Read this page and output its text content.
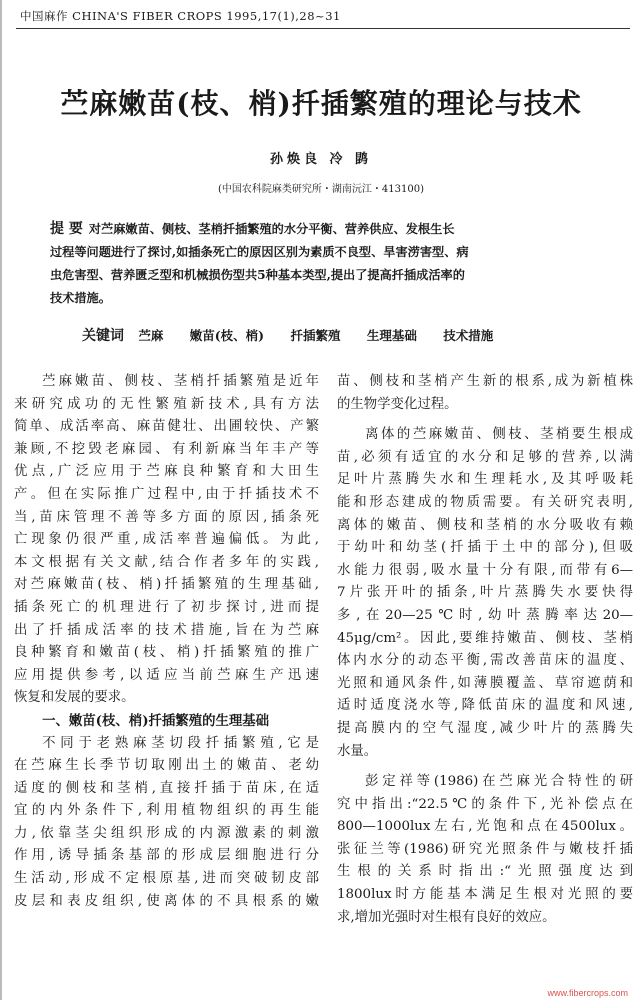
中国麻作 CHINA'S FIBER CROPS 1995,17(1),28~31
苎麻嫩苗(枝、梢)扦插繁殖的理论与技术
孙焕良 冷 鹍
(中国农科院麻类研究所・湖南沅江・413100)
提 要 对苎麻嫩苗、侧枝、茎梢扦插繁殖的水分平衡、营养供应、发根生长
过程等问题进行了探讨,如插条死亡的原因区别为素质不良型、旱害涝害型、病
虫危害型、营养匮乏型和机械损伤型共5种基本类型,提出了提高扦插成活率的
技术措施。
关键词 苎麻 嫩苗(枝、梢) 扦插繁殖 生理基础 技术措施
苎麻嫩苗、侧枝、茎梢扦插繁殖是近年
来研究成功的无性繁殖新技术,具有方法
简单、成活率高、麻苗健壮、出圃较快、产繁
兼顾,不挖毁老麻园、有利新麻当年丰产等
优点,广泛应用于苎麻良种繁育和大田生
产。但在实际推广过程中,由于扦插技术不
当,苗床管理不善等多方面的原因,插条死
亡现象仍很严重,成活率普遍偏低。为此,
本文根据有关文献,结合作者多年的实践,
对苎麻嫩苗(枝、梢)扦插繁殖的生理基础,
插条死亡的机理进行了初步探讨,进而提
出了扦插成活率的技术措施,旨在为苎麻
良种繁育和嫩苗(枝、梢)扦插繁殖的推广
应用提供参考,以适应当前苎麻生产迅速
恢复和发展的要求。
一、嫩苗(枝、梢)扦插繁殖的生理基础
不同于老熟麻茎切段扦插繁殖,它是
在苎麻生长季节切取刚出土的嫩苗、老幼
适度的侧枝和茎梢,直接扦插于苗床,在适
宜的内外条件下,利用植物组织的再生能
力,依靠茎尖组织形成的内源激素的刺激
作用,诱导插条基部的形成层细胞进行分
生活动,形成不定根原基,进而突破韧皮部
皮层和表皮组织,使离体的不具根系的嫩
苗、侧枝和茎梢产生新的根系,成为新植株
的生物学变化过程。
离体的苎麻嫩苗、侧枝、茎梢要生根成
苗,必须有适宜的水分和足够的营养,以满
足叶片蒸腾失水和生理耗水,及其呼吸耗
能和形态建成的物质需要。有关研究表明,
离体的嫩苗、侧枝和茎梢的水分吸收有赖
于幼叶和幼茎(扦插于土中的部分),但吸
水能力很弱,吸水量十分有限,而带有6—
7片张开叶的插条,叶片蒸腾失水要快得
多,在20—25℃时,幼叶蒸腾率达20—
45μg/cm²。因此,要维持嫩苗、侧枝、茎梢
体内水分的动态平衡,需改善苗床的温度、
光照和通风条件,如薄膜覆盖、草帘遮荫和
适时适度浇水等,降低苗床的温度和风速,
提高膜内的空气湿度,减少叶片的蒸腾失
水量。
彭定祥等(1986)在苎麻光合特性的研
究中指出:“22.5℃的条件下,光补偿点在
800—1000lux左右,光饱和点在4500lux。
张征兰等(1986)研究光照条件与嫩枝扦插
生根的关系时指出:“光照强度达到
1800lux时方能基本满足生根对光照的要
求,增加光强时对生根有良好的效应。
www.fibercrops.com
